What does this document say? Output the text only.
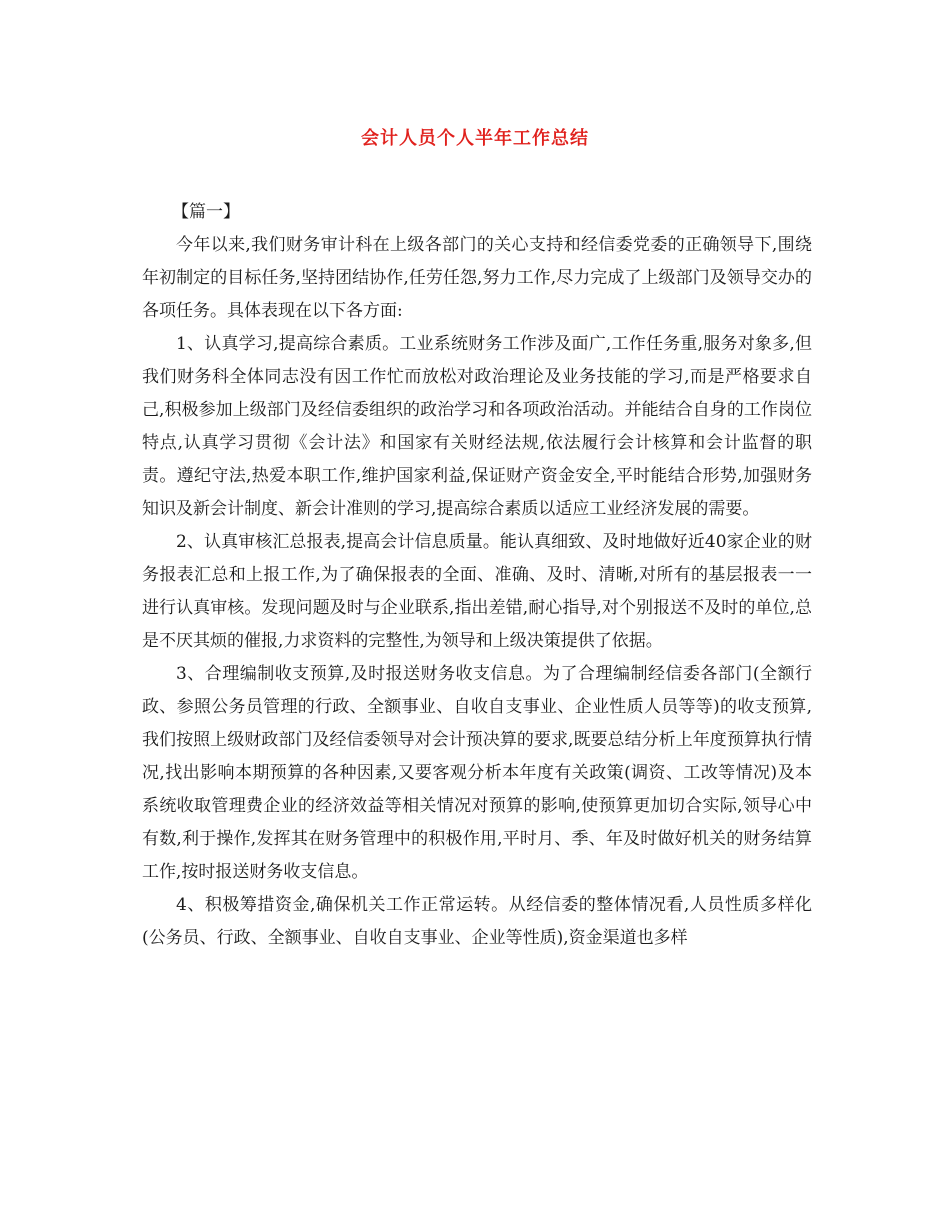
会计人员个人半年工作总结

【篇一】

今年以来,我们财务审计科在上级各部门的关心支持和经信委党委的正确领导下,围绕年初制定的目标任务,坚持团结协作,任劳任怨,努力工作,尽力完成了上级部门及领导交办的各项任务。具体表现在以下各方面:

1、认真学习,提高综合素质。工业系统财务工作涉及面广,工作任务重,服务对象多,但我们财务科全体同志没有因工作忙而放松对政治理论及业务技能的学习,而是严格要求自己,积极参加上级部门及经信委组织的政治学习和各项政治活动。并能结合自身的工作岗位特点,认真学习贯彻《会计法》和国家有关财经法规,依法履行会计核算和会计监督的职责。遵纪守法,热爱本职工作,维护国家利益,保证财产资金安全,平时能结合形势,加强财务知识及新会计制度、新会计准则的学习,提高综合素质以适应工业经济发展的需要。

2、认真审核汇总报表,提高会计信息质量。能认真细致、及时地做好近40家企业的财务报表汇总和上报工作,为了确保报表的全面、准确、及时、清晰,对所有的基层报表一一进行认真审核。发现问题及时与企业联系,指出差错,耐心指导,对个别报送不及时的单位,总是不厌其烦的催报,力求资料的完整性,为领导和上级决策提供了依据。

3、合理编制收支预算,及时报送财务收支信息。为了合理编制经信委各部门(全额行政、参照公务员管理的行政、全额事业、自收自支事业、企业性质人员等等)的收支预算,我们按照上级财政部门及经信委领导对会计预决算的要求,既要总结分析上年度预算执行情况,找出影响本期预算的各种因素,又要客观分析本年度有关政策(调资、工改等情况)及本系统收取管理费企业的经济效益等相关情况对预算的影响,使预算更加切合实际,领导心中有数,利于操作,发挥其在财务管理中的积极作用,平时月、季、年及时做好机关的财务结算工作,按时报送财务收支信息。

4、积极筹措资金,确保机关工作正常运转。从经信委的整体情况看,人员性质多样化(公务员、行政、全额事业、自收自支事业、企业等性质),资金渠道也多样
